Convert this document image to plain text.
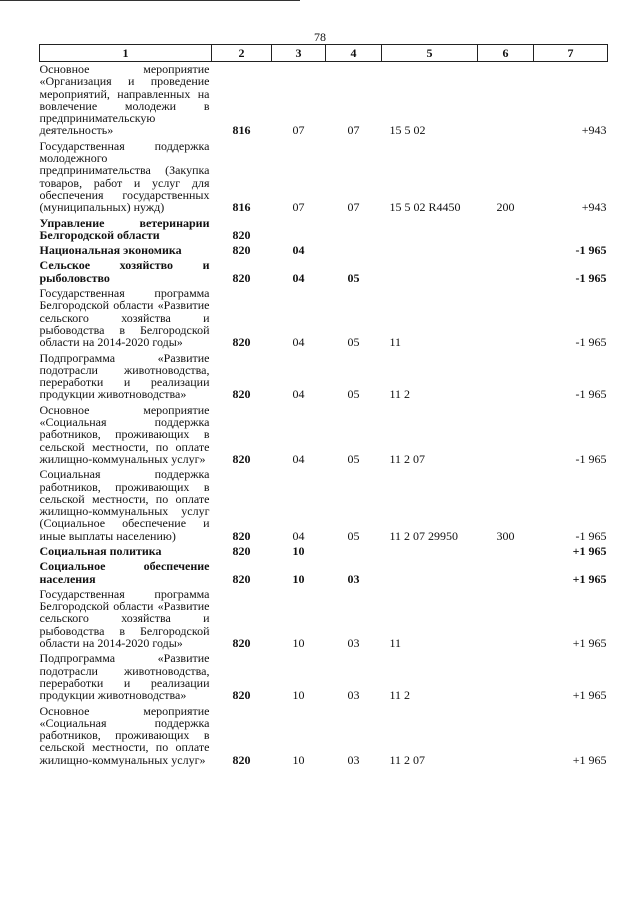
78
1	2	3	4	5	6	7
Основное мероприятие «Организация и проведение мероприятий, направленных на вовлечение молодежи в предпринимательскую деятельность»	816	07	07	15 5 02		+943
Государственная поддержка молодежного предпринимательства (Закупка товаров, работ и услуг для обеспечения государственных (муниципальных) нужд)	816	07	07	15 5 02 R4450	200	+943
Управление ветеринарии Белгородской области	820					
Национальная экономика	820	04				-1 965
Сельское хозяйство и рыболовство	820	04	05			-1 965
Государственная программа Белгородской области «Развитие сельского хозяйства и рыбоводства в Белгородской области на 2014-2020 годы»	820	04	05	11		-1 965
Подпрограмма «Развитие подотрасли животноводства, переработки и реализации продукции животноводства»	820	04	05	11 2		-1 965
Основное мероприятие «Социальная поддержка работников, проживающих в сельской местности, по оплате жилищно-коммунальных услуг»	820	04	05	11 2 07		-1 965
Социальная поддержка работников, проживающих в сельской местности, по оплате жилищно-коммунальных услуг (Социальное обеспечение и иные выплаты населению)	820	04	05	11 2 07 29950	300	-1 965
Социальная политика	820	10				+1 965
Социальное обеспечение населения	820	10	03			+1 965
Государственная программа Белгородской области «Развитие сельского хозяйства и рыбоводства в Белгородской области на 2014-2020 годы»	820	10	03	11		+1 965
Подпрограмма «Развитие подотрасли животноводства, переработки и реализации продукции животноводства»	820	10	03	11 2		+1 965
Основное мероприятие «Социальная поддержка работников, проживающих в сельской местности, по оплате жилищно-коммунальных услуг»	820	10	03	11 2 07		+1 965
